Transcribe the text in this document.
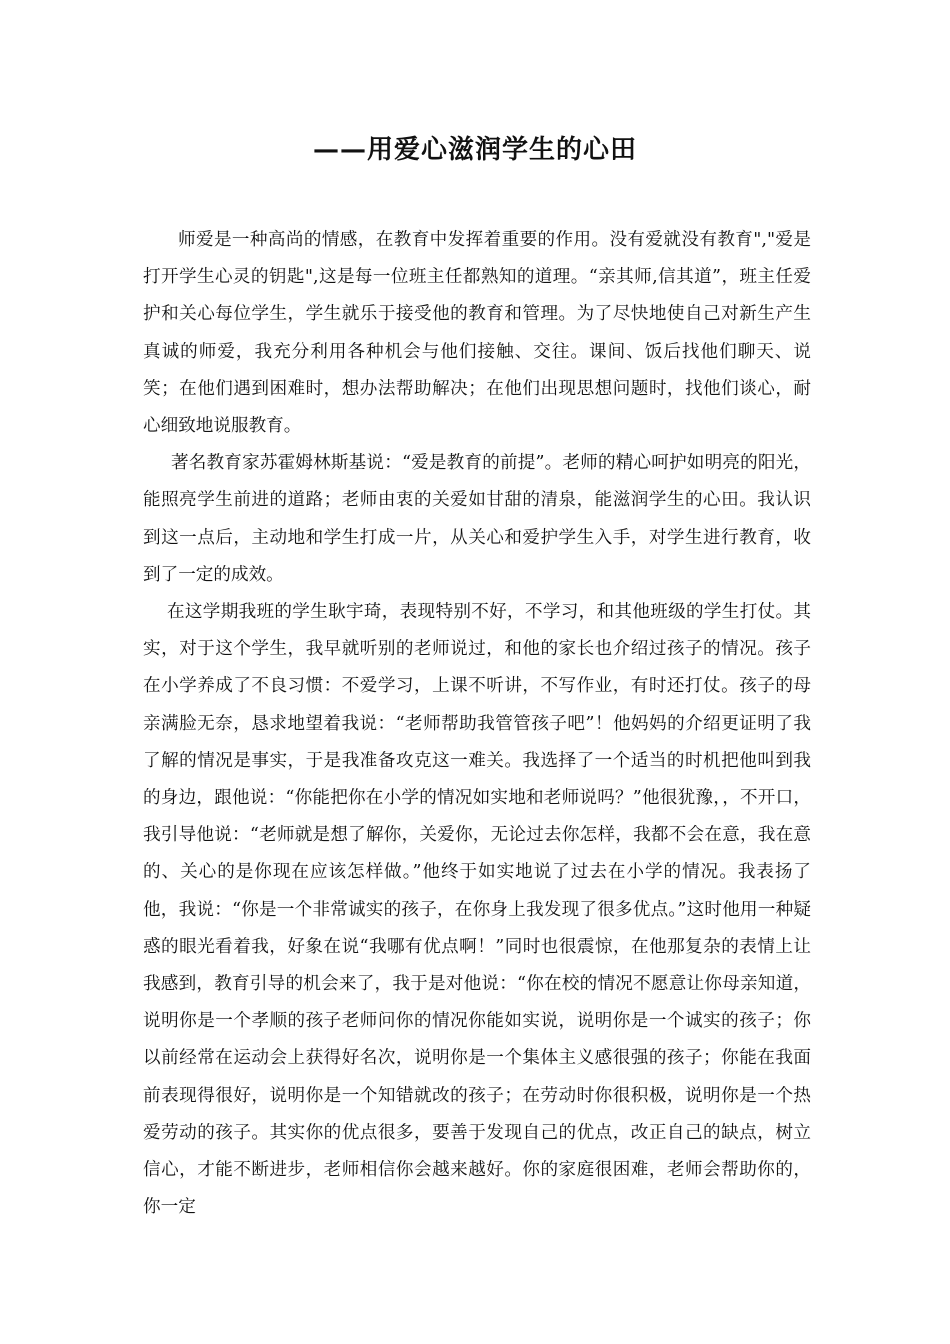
——用爱心滋润学生的心田

师爱是一种高尚的情感，在教育中发挥着重要的作用。没有爱就没有教育","爱是打开学生心灵的钥匙",这是每一位班主任都熟知的道理。“亲其师,信其道”，班主任爱护和关心每位学生，学生就乐于接受他的教育和管理。为了尽快地使自己对新生产生真诚的师爱，我充分利用各种机会与他们接触、交往。课间、饭后找他们聊天、说笑；在他们遇到困难时，想办法帮助解决；在他们出现思想问题时，找他们谈心，耐心细致地说服教育。

著名教育家苏霍姆林斯基说：“爱是教育的前提”。老师的精心呵护如明亮的阳光，能照亮学生前进的道路；老师由衷的关爱如甘甜的清泉，能滋润学生的心田。我认识到这一点后，主动地和学生打成一片，从关心和爱护学生入手，对学生进行教育，收到了一定的成效。

在这学期我班的学生耿宇琦，表现特别不好，不学习，和其他班级的学生打仗。其实，对于这个学生，我早就听别的老师说过，和他的家长也介绍过孩子的情况。孩子在小学养成了不良习惯：不爱学习，上课不听讲，不写作业，有时还打仗。孩子的母亲满脸无奈，恳求地望着我说：“老师帮助我管管孩子吧”！他妈妈的介绍更证明了我了解的情况是事实，于是我准备攻克这一难关。我选择了一个适当的时机把他叫到我的身边，跟他说：“你能把你在小学的情况如实地和老师说吗？”他很犹豫，，不开口，我引导他说：“老师就是想了解你，关爱你，无论过去你怎样，我都不会在意，我在意的、关心的是你现在应该怎样做。”他终于如实地说了过去在小学的情况。我表扬了他，我说：“你是一个非常诚实的孩子，在你身上我发现了很多优点。”这时他用一种疑惑的眼光看着我，好象在说“我哪有优点啊！”同时也很震惊，在他那复杂的表情上让我感到，教育引导的机会来了，我于是对他说：“你在校的情况不愿意让你母亲知道，说明你是一个孝顺的孩子老师问你的情况你能如实说，说明你是一个诚实的孩子；你以前经常在运动会上获得好名次，说明你是一个集体主义感很强的孩子；你能在我面前表现得很好，说明你是一个知错就改的孩子；在劳动时你很积极，说明你是一个热爱劳动的孩子。其实你的优点很多，要善于发现自己的优点，改正自己的缺点，树立信心，才能不断进步，老师相信你会越来越好。你的家庭很困难，老师会帮助你的，你一定
